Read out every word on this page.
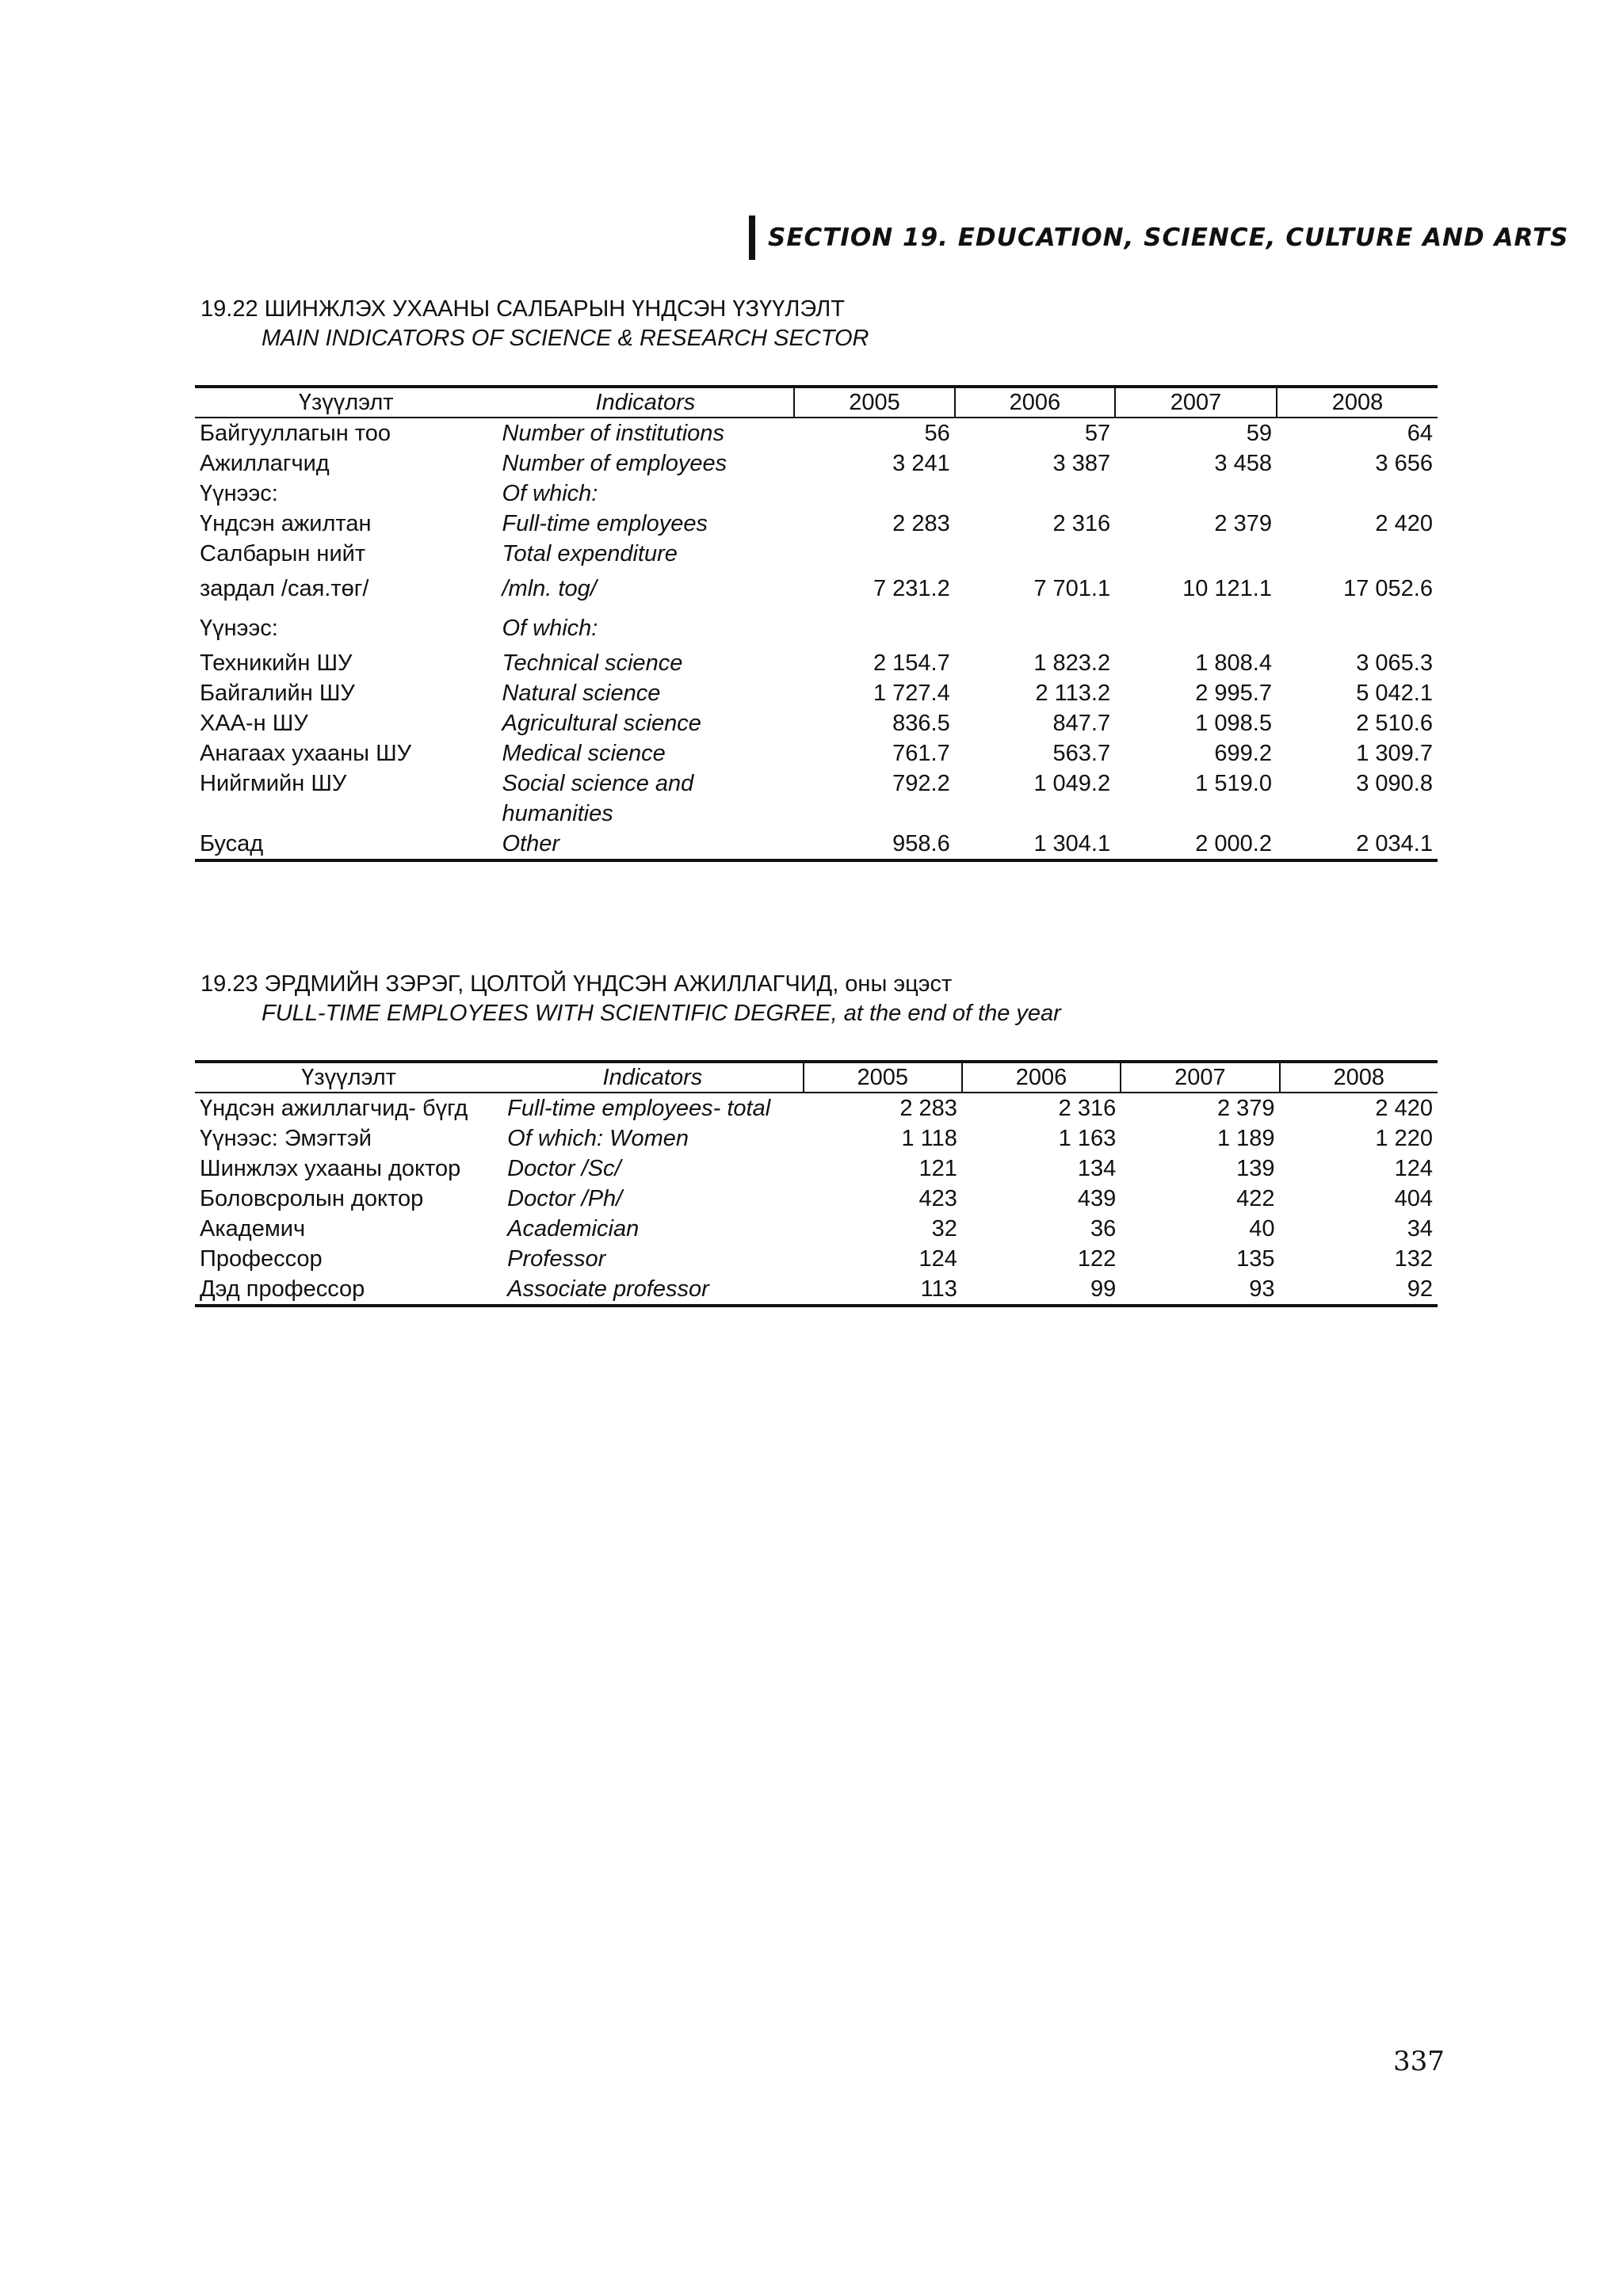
SECTION 19. EDUCATION, SCIENCE, CULTURE AND ARTS
19.22 ШИНЖЛЭХ УХААНЫ САЛБАРЫН ҮНДСЭН ҮЗҮҮЛЭЛТ
MAIN INDICATORS OF SCIENCE & RESEARCH SECTOR
Үзүүлэлт	Indicators	2005	2006	2007	2008
Байгууллагын тоо	Number of institutions	56	57	59	64
Ажиллагчид	Number of employees	3 241	3 387	3 458	3 656
Үүнээс:	Of which:				
Үндсэн ажилтан	Full-time employees	2 283	2 316	2 379	2 420
Салбарын нийт	Total expenditure				
зардал /сая.төг/	/mln. tog/	7 231.2	7 701.1	10 121.1	17 052.6
Үүнээс:	Of which:				
Техникийн ШУ	Technical science	2 154.7	1 823.2	1 808.4	3 065.3
Байгалийн ШУ	Natural science	1 727.4	2 113.2	2 995.7	5 042.1
ХАА-н ШУ	Agricultural science	836.5	847.7	1 098.5	2 510.6
Анагаах ухааны ШУ	Medical science	761.7	563.7	699.2	1 309.7
Нийгмийн ШУ	Social science and	792.2	1 049.2	1 519.0	3 090.8
	humanities				
Бусад	Other	958.6	1 304.1	2 000.2	2 034.1
19.23 ЭРДМИЙН ЗЭРЭГ, ЦОЛТОЙ ҮНДСЭН АЖИЛЛАГЧИД, оны эцэст
FULL-TIME EMPLOYEES WITH SCIENTIFIC DEGREE, at the end of the year
Үзүүлэлт	Indicators	2005	2006	2007	2008
Үндсэн ажиллагчид- бүгд	Full-time employees- total	2 283	2 316	2 379	2 420
Үүнээс: Эмэгтэй	Of which: Women	1 118	1 163	1 189	1 220
Шинжлэх ухааны доктор	Doctor /Sc/	121	134	139	124
Боловсролын доктор	Doctor /Ph/	423	439	422	404
Академич	Academician	32	36	40	34
Профессор	Professor	124	122	135	132
Дэд профессор	Associate professor	113	99	93	92
337
